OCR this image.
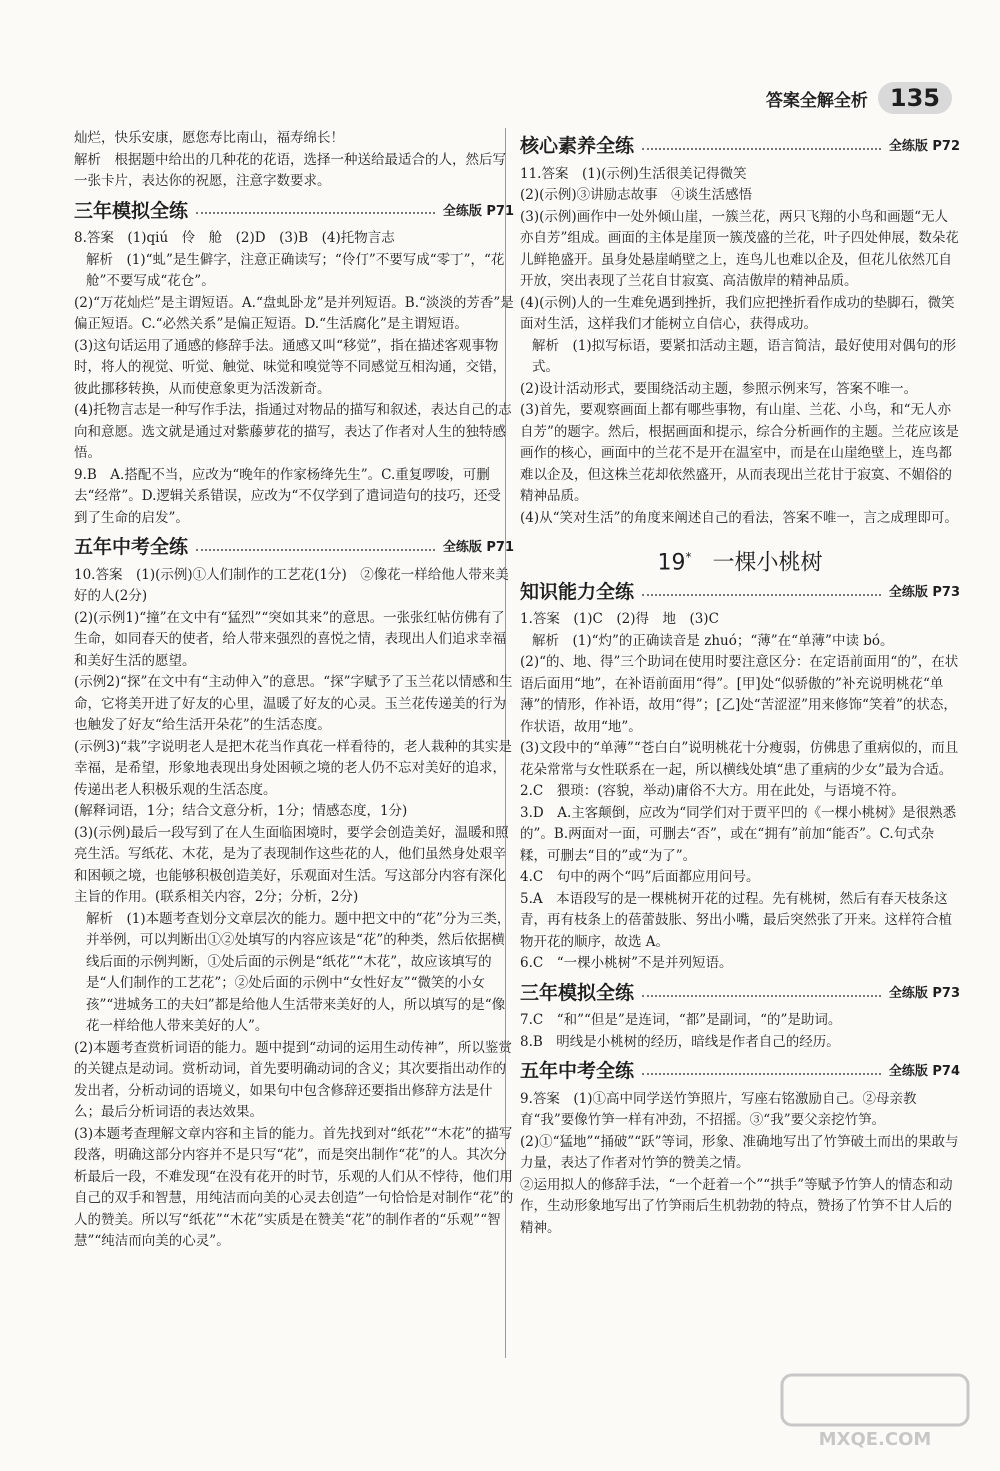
答案全解全析 135

灿烂，快乐安康，愿您寿比南山，福寿绵长！

解析　根据题中给出的几种花的花语，选择一种送给最适合的人，然后写一张卡片，表达你的祝愿，注意字数要求。

三年模拟全练	全练版 P71

8.答案　(1)qiú　伶　舱　(2)D　(3)B　(4)托物言志

解析　(1)“虬”是生僻字，注意正确读写；“伶仃”不要写成“零丁”，“花舱”不要写成“花仓”。

(2)“万花灿烂”是主谓短语。A.“盘虬卧龙”是并列短语。B.“淡淡的芳香”是偏正短语。C.“必然关系”是偏正短语。D.“生活腐化”是主谓短语。

(3)这句话运用了通感的修辞手法。通感又叫“移觉”，指在描述客观事物时，将人的视觉、听觉、触觉、味觉和嗅觉等不同感觉互相沟通，交错，彼此挪移转换，从而使意象更为活泼新奇。

(4)托物言志是一种写作手法，指通过对物品的描写和叙述，表达自己的志向和意愿。选文就是通过对紫藤萝花的描写，表达了作者对人生的独特感悟。

9.B　A.搭配不当，应改为“晚年的作家杨绛先生”。C.重复啰唆，可删去“经常”。D.逻辑关系错误，应改为“不仅学到了遣词造句的技巧，还受到了生命的启发”。

五年中考全练	全练版 P71

10.答案　(1)(示例)①人们制作的工艺花(1分)　②像花一样给他人带来美好的人(2分)

(2)(示例1)“撞”在文中有“猛烈”“突如其来”的意思。一张张红帖仿佛有了生命，如同春天的使者，给人带来强烈的喜悦之情，表现出人们追求幸福和美好生活的愿望。

(示例2)“探”在文中有“主动伸入”的意思。“探”字赋予了玉兰花以情感和生命，它将美开进了好友的心里，温暖了好友的心灵。玉兰花传递美的行为也触发了好友“给生活开朵花”的生活态度。

(示例3)“栽”字说明老人是把木花当作真花一样看待的，老人栽种的其实是幸福，是希望，形象地表现出身处困顿之境的老人仍不忘对美好的追求，传递出老人积极乐观的生活态度。

(解释词语，1分；结合文意分析，1分；情感态度，1分)

(3)(示例)最后一段写到了在人生面临困境时，要学会创造美好，温暖和照亮生活。写纸花、木花，是为了表现制作这些花的人，他们虽然身处艰辛和困顿之境，也能够积极创造美好，乐观面对生活。写这部分内容有深化主旨的作用。(联系相关内容，2分；分析，2分)

解析　(1)本题考查划分文章层次的能力。题中把文中的“花”分为三类，并举例，可以判断出①②处填写的内容应该是“花”的种类，然后依据横线后面的示例判断，①处后面的示例是“纸花”“木花”，故应该填写的是“人们制作的工艺花”；②处后面的示例中“女性好友”“微笑的小女孩”“进城务工的夫妇”都是给他人生活带来美好的人，所以填写的是“像花一样给他人带来美好的人”。

(2)本题考查赏析词语的能力。题中提到“动词的运用生动传神”，所以鉴赏的关键点是动词。赏析动词，首先要明确动词的含义；其次要指出动作的发出者，分析动词的语境义，如果句中包含修辞还要指出修辞方法是什么；最后分析词语的表达效果。

(3)本题考查理解文章内容和主旨的能力。首先找到对“纸花”“木花”的描写段落，明确这部分内容并不是只写“花”，而是突出制作“花”的人。其次分析最后一段，不难发现“在没有花开的时节，乐观的人们从不悖待，他们用自己的双手和智慧，用纯洁而向美的心灵去创造”一句恰恰是对制作“花”的人的赞美。所以写“纸花”“木花”实质是在赞美“花”的制作者的“乐观”“智慧”“纯洁而向美的心灵”。

核心素养全练	全练版 P72

11.答案　(1)(示例)生活很美记得微笑

(2)(示例)③讲励志故事　④谈生活感悟

(3)(示例)画作中一处外倾山崖，一簇兰花，两只飞翔的小鸟和画题“无人亦自芳”组成。画面的主体是崖顶一簇茂盛的兰花，叶子四处伸展，数朵花儿鲜艳盛开。虽身处悬崖峭壁之上，连鸟儿也难以企及，但花儿依然兀自开放，突出表现了兰花自甘寂寞、高洁傲岸的精神品质。

(4)(示例)人的一生难免遇到挫折，我们应把挫折看作成功的垫脚石，微笑面对生活，这样我们才能树立自信心，获得成功。

解析　(1)拟写标语，要紧扣活动主题，语言简洁，最好使用对偶句的形式。

(2)设计活动形式，要围绕活动主题，参照示例来写，答案不唯一。

(3)首先，要观察画面上都有哪些事物，有山崖、兰花、小鸟，和“无人亦自芳”的题字。然后，根据画面和提示，综合分析画作的主题。兰花应该是画作的核心，画面中的兰花不是开在温室中，而是在山崖绝壁上，连鸟都难以企及，但这株兰花却依然盛开，从而表现出兰花甘于寂寞、不媚俗的精神品质。

(4)从“笑对生活”的角度来阐述自己的看法，答案不唯一，言之成理即可。

19* 一棵小桃树
知识能力全练	全练版 P73

1.答案　(1)C　(2)得　地　(3)C

解析　(1)“灼”的正确读音是 zhuó；“薄”在“单薄”中读 bó。

(2)“的、地、得”三个助词在使用时要注意区分：在定语前面用“的”，在状语后面用“地”，在补语前面用“得”。[甲]处“似骄傲的”补充说明桃花“单薄”的情形，作补语，故用“得”；[乙]处“苦涩涩”用来修饰“笑着”的状态，作状语，故用“地”。

(3)文段中的“单薄”“苍白白”说明桃花十分瘦弱，仿佛患了重病似的，而且花朵常常与女性联系在一起，所以横线处填“患了重病的少女”最为合适。

2.C　猥琐：(容貌，举动)庸俗不大方。用在此处，与语境不符。

3.D　A.主客颠倒，应改为“同学们对于贾平凹的《一棵小桃树》是很熟悉的”。B.两面对一面，可删去“否”，或在“拥有”前加“能否”。C.句式杂糅，可删去“目的”或“为了”。

4.C　句中的两个“吗”后面都应用问号。

5.A　本语段写的是一棵桃树开花的过程。先有桃树，然后有春天枝条这青，再有枝条上的蓓蕾鼓胀、努出小嘴，最后突然张了开来。这样符合植物开花的顺序，故选 A。

6.C　“一棵小桃树”不是并列短语。

三年模拟全练	全练版 P73

7.C　“和”“但是”是连词，“都”是副词，“的”是助词。

8.B　明线是小桃树的经历，暗线是作者自己的经历。

五年中考全练	全练版 P74

9.答案　(1)①高中同学送竹笋照片，写座右铭激励自己。②母亲教育“我”要像竹笋一样有冲劲，不招摇。③“我”要父亲挖竹笋。

(2)①“猛地”“捅破”“跃”等词，形象、准确地写出了竹笋破土而出的果敢与力量，表达了作者对竹笋的赞美之情。

②运用拟人的修辞手法，“一个赶着一个”“拱手”等赋予竹笋人的情态和动作，生动形象地写出了竹笋雨后生机勃勃的特点，赞扬了竹笋不甘人后的精神。

MXQE.COM
